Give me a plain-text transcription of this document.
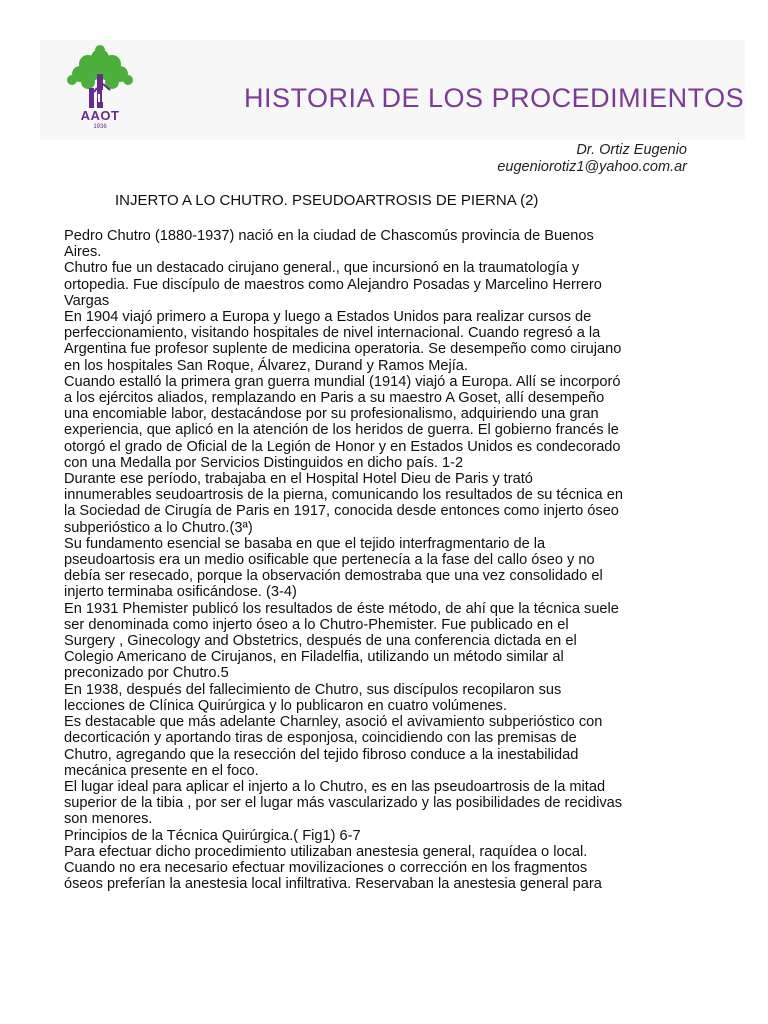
AAOT
1936
HISTORIA DE LOS PROCEDIMIENTOS
Dr. Ortiz Eugenio
eugeniorotiz1@yahoo.com.ar
INJERTO A LO CHUTRO. PSEUDOARTROSIS DE PIERNA (2)
Pedro Chutro (1880-1937) nació en la ciudad de Chascomús provincia de Buenos
Aires.
Chutro fue un destacado cirujano general., que incursionó en la traumatología y
ortopedia. Fue discípulo de maestros como Alejandro Posadas y Marcelino Herrero
Vargas
En 1904 viajó primero a Europa y luego a Estados Unidos para realizar cursos de
perfeccionamiento, visitando hospitales de nivel internacional. Cuando regresó a la
Argentina fue profesor suplente de medicina operatoria. Se desempeño como cirujano
en los hospitales San Roque, Álvarez, Durand y Ramos Mejía.
Cuando estalló la primera gran guerra mundial (1914) viajó a Europa. Allí se incorporó
a los ejércitos aliados, remplazando en Paris a su maestro A Goset, allí desempeño
una encomiable labor, destacándose por su profesionalismo, adquiriendo una gran
experiencia, que aplicó en la atención de los heridos de guerra. El gobierno francés le
otorgó el grado de Oficial de la Legión de Honor y en Estados Unidos es condecorado
con una Medalla por Servicios Distinguidos en dicho país. 1-2
Durante ese período, trabajaba en el Hospital Hotel Dieu de Paris y trató
innumerables seudoartrosis de la pierna, comunicando los resultados de su técnica en
la Sociedad de Cirugía de Paris en 1917, conocida desde entonces como injerto óseo
subperióstico a lo Chutro.(3ª)
Su fundamento esencial se basaba en que el tejido interfragmentario de la
pseudoartosis era un medio osificable que pertenecía a la fase del callo óseo y no
debía ser resecado, porque la observación demostraba que una vez consolidado el
injerto terminaba osificándose. (3-4)
En 1931 Phemister publicó los resultados de éste método, de ahí que la técnica suele
ser denominada como injerto óseo a lo Chutro-Phemister. Fue publicado en el
Surgery , Ginecology and Obstetrics, después de una conferencia dictada en el
Colegio Americano de Cirujanos, en Filadelfia, utilizando un método similar al
preconizado por Chutro.5
En 1938, después del fallecimiento de Chutro, sus discípulos recopilaron sus
lecciones de Clínica Quirúrgica y lo publicaron en cuatro volúmenes.
Es destacable que más adelante Charnley, asoció el avivamiento subperióstico con
decorticación y aportando tiras de esponjosa, coincidiendo con las premisas de
Chutro, agregando que la resección del tejido fibroso conduce a la inestabilidad
mecánica presente en el foco.
El lugar ideal para aplicar el injerto a lo Chutro, es en las pseudoartrosis de la mitad
superior de la tibia , por ser el lugar más vascularizado y las posibilidades de recidivas
son menores.
Principios de la Técnica Quirúrgica.( Fig1) 6-7
Para efectuar dicho procedimiento utilizaban anestesia general, raquídea o local.
Cuando no era necesario efectuar movilizaciones o corrección en los fragmentos
óseos preferían la anestesia local infiltrativa. Reservaban la anestesia general para
